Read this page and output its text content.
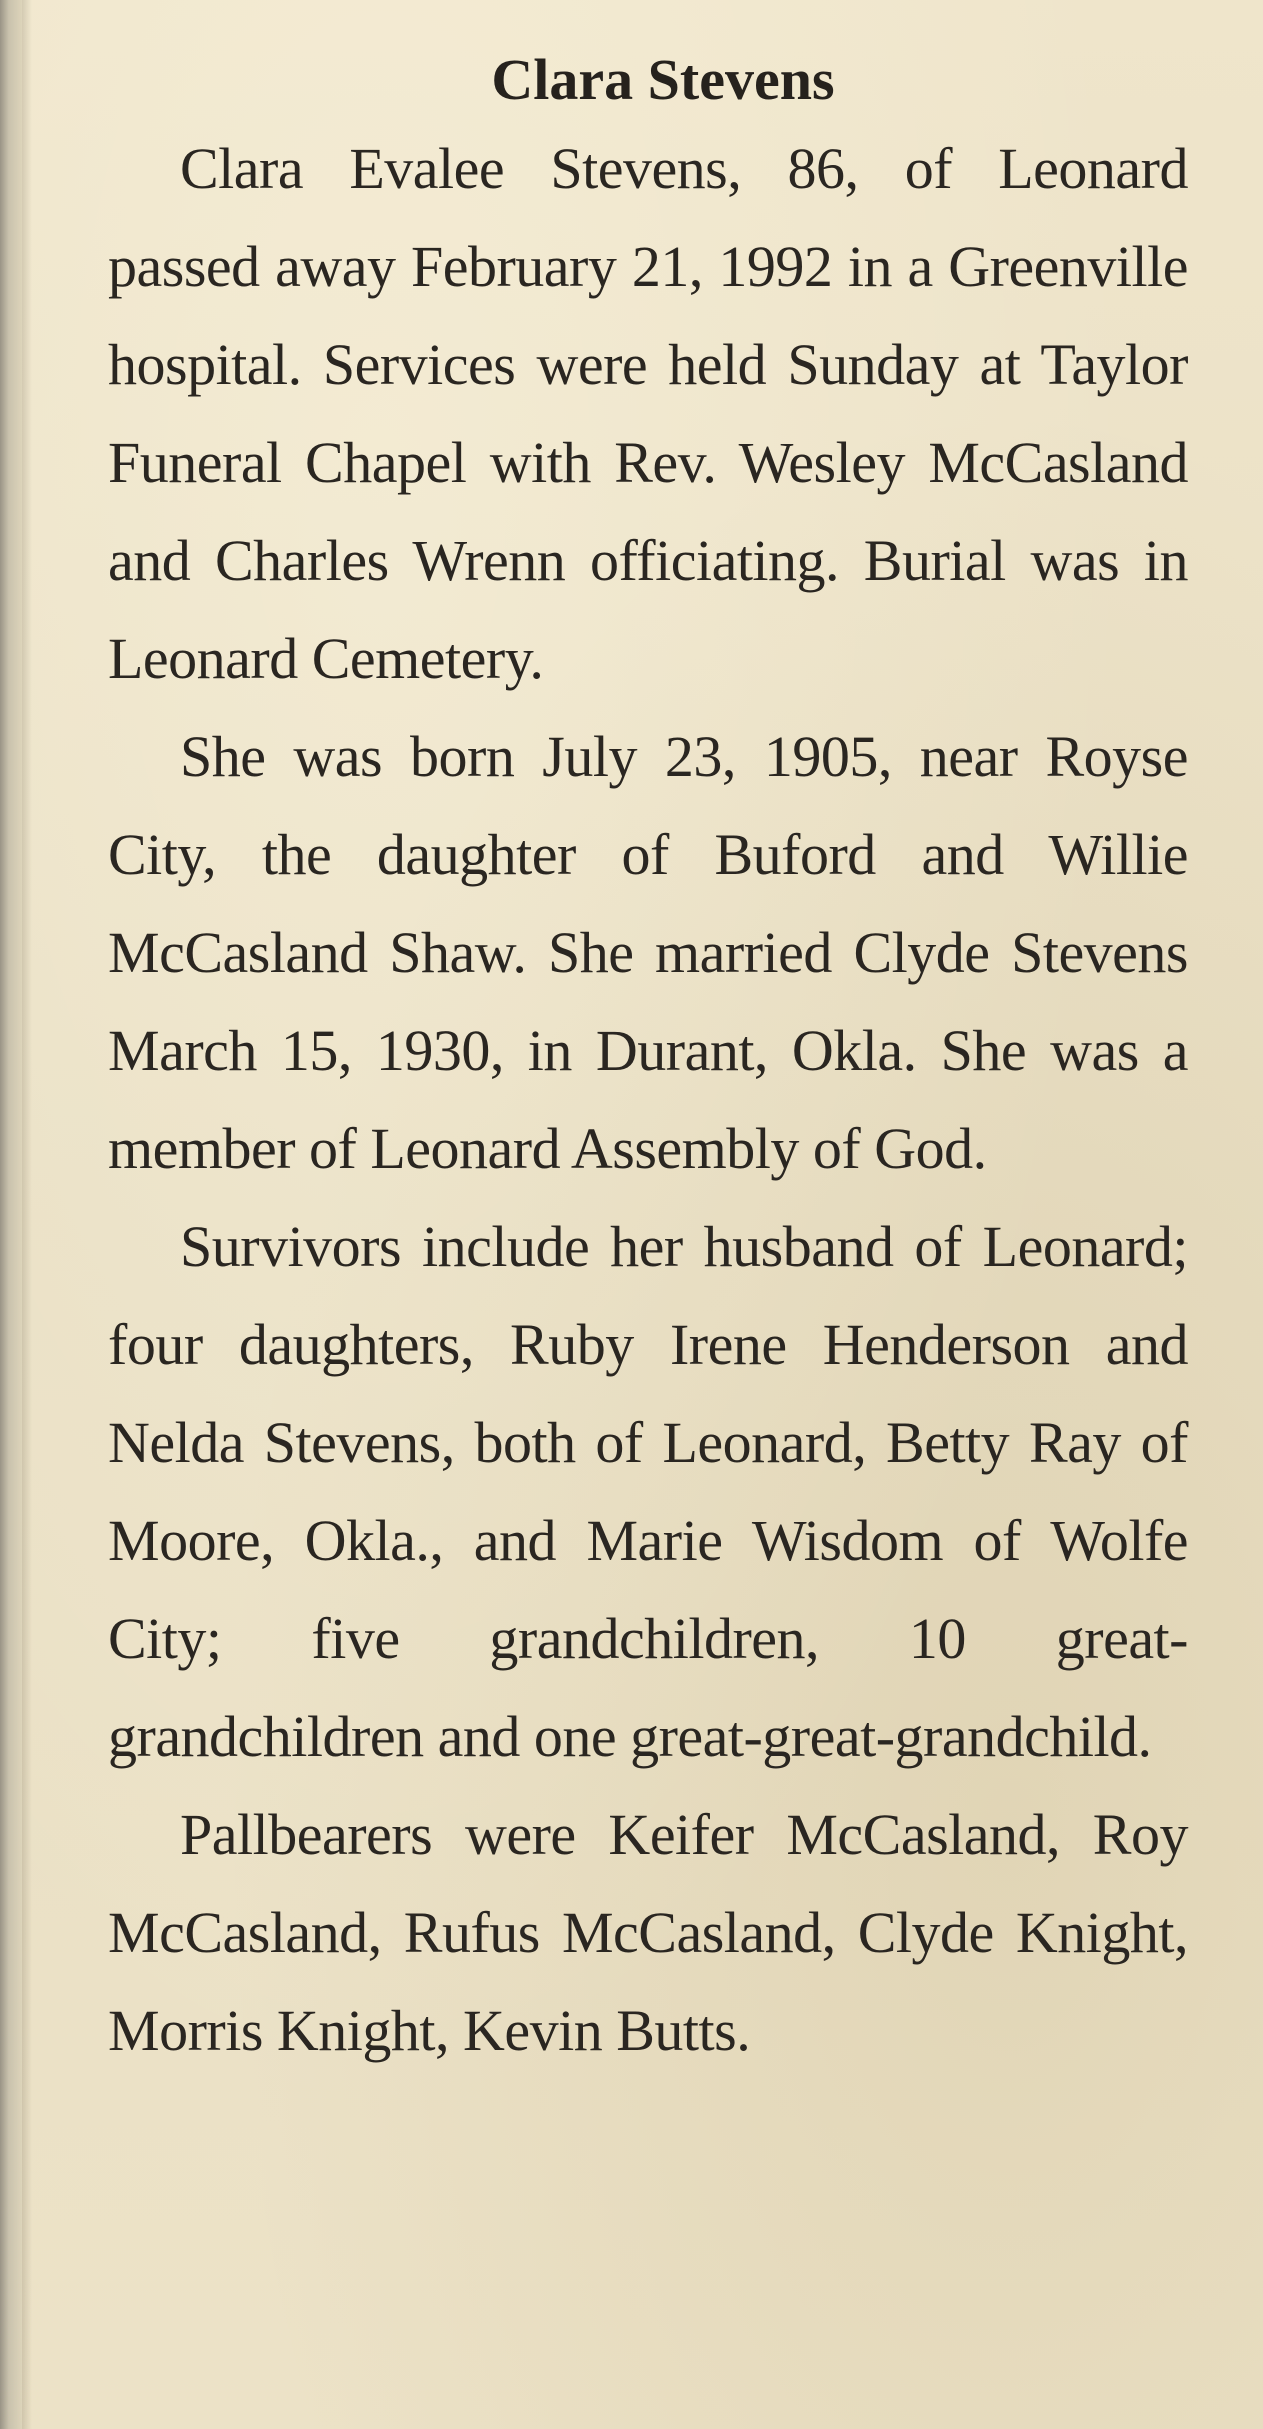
Clara Stevens

Clara Evalee Stevens, 86, of Leonard passed away February 21, 1992 in a Greenville hospital. Services were held Sunday at Taylor Funeral Chapel with Rev. Wesley McCasland and Charles Wrenn officiating. Burial was in Leonard Cemetery.

She was born July 23, 1905, near Royse City, the daughter of Buford and Willie McCasland Shaw. She married Clyde Stevens March 15, 1930, in Durant, Okla. She was a member of Leonard Assembly of God.

Survivors include her husband of Leonard; four daughters, Ruby Irene Henderson and Nelda Stevens, both of Leonard, Betty Ray of Moore, Okla., and Marie Wisdom of Wolfe City; five grandchildren, 10 great-grandchildren and one great-great-grandchild.

Pallbearers were Keifer McCasland, Roy McCasland, Rufus McCasland, Clyde Knight, Morris Knight, Kevin Butts.
